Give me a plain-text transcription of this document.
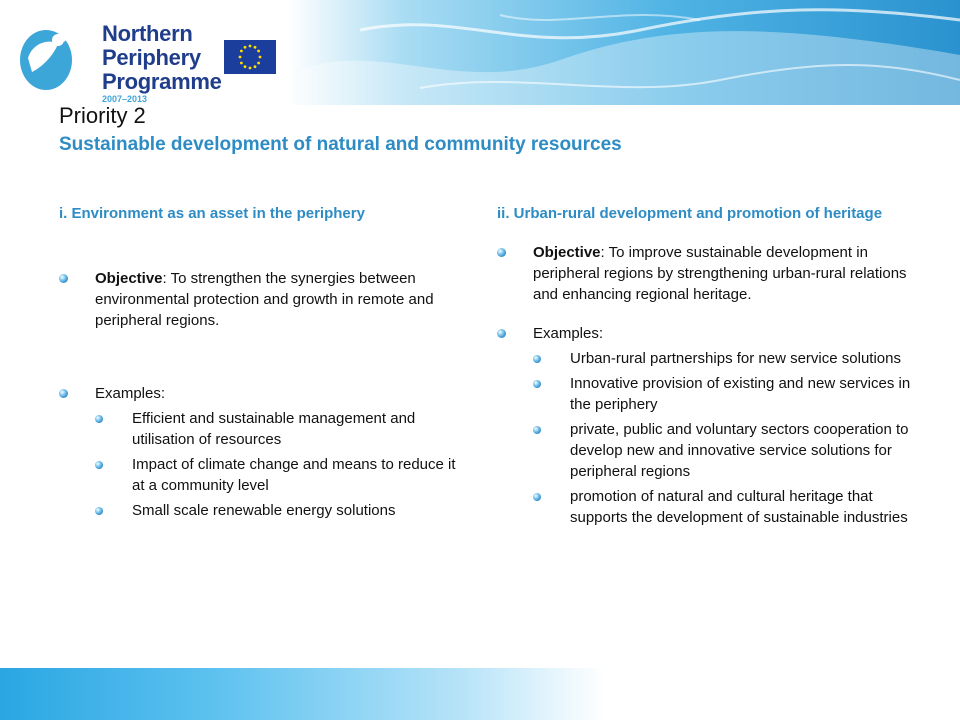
Northern
Periphery
Programme
2007–2013
Priority 2
Sustainable development of natural and community resources
i. Environment as an asset in the periphery
Objective: To strengthen the synergies between environmental protection and growth in remote and peripheral regions.
Examples:
Efficient and sustainable management and utilisation of resources
Impact of climate change and means to reduce it at a community level
Small scale renewable energy solutions
ii. Urban-rural development and promotion of heritage
Objective: To improve sustainable development in peripheral regions by strengthening urban-rural relations and enhancing regional heritage.
Examples:
Urban-rural partnerships for new service solutions
Innovative provision of existing and new services in the periphery
private, public and voluntary sectors cooperation to develop new and innovative service solutions for peripheral regions
promotion of natural and cultural heritage that supports the development of sustainable industries
